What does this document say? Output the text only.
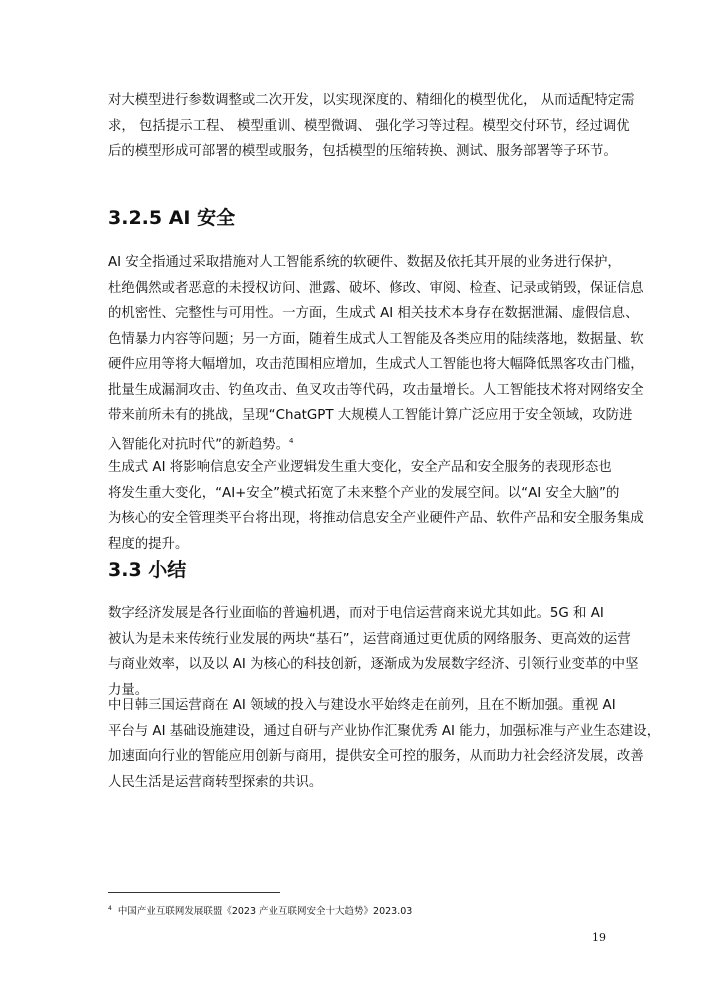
对大模型进行参数调整或二次开发，以实现深度的、精细化的模型优化， 从而适配特定需
求， 包括提示工程、 模型重训、模型微调、 强化学习等过程。模型交付环节，经过调优
后的模型形成可部署的模型或服务，包括模型的压缩转换、测试、服务部署等子环节。
3.2.5 AI 安全
AI 安全指通过采取措施对人工智能系统的软硬件、数据及依托其开展的业务进行保护，
杜绝偶然或者恶意的未授权访问、泄露、破坏、修改、审阅、检查、记录或销毁，保证信息
的机密性、完整性与可用性。一方面，生成式 AI 相关技术本身存在数据泄漏、虚假信息、
色情暴力内容等问题；另一方面，随着生成式人工智能及各类应用的陆续落地，数据量、软
硬件应用等将大幅增加，攻击范围相应增加，生成式人工智能也将大幅降低黑客攻击门槛，
批量生成漏洞攻击、钓鱼攻击、鱼叉攻击等代码，攻击量增长。人工智能技术将对网络安全
带来前所未有的挑战，呈现“ChatGPT 大规模人工智能计算广泛应用于安全领域，攻防进
入智能化对抗时代”的新趋势。$^4$
生成式 AI 将影响信息安全产业逻辑发生重大变化，安全产品和安全服务的表现形态也
将发生重大变化，“AI+安全”模式拓宽了未来整个产业的发展空间。以“AI 安全大脑”的
为核心的安全管理类平台将出现，将推动信息安全产业硬件产品、软件产品和安全服务集成
程度的提升。
3.3 小结
数字经济发展是各行业面临的普遍机遇，而对于电信运营商来说尤其如此。5G 和 AI
被认为是未来传统行业发展的两块“基石”，运营商通过更优质的网络服务、更高效的运营
与商业效率，以及以 AI 为核心的科技创新，逐渐成为发展数字经济、引领行业变革的中坚
力量。
中日韩三国运营商在 AI 领域的投入与建设水平始终走在前列，且在不断加强。重视 AI
平台与 AI 基础设施建设，通过自研与产业协作汇聚优秀 AI 能力，加强标准与产业生态建设，
加速面向行业的智能应用创新与商用，提供安全可控的服务，从而助力社会经济发展，改善
人民生活是运营商转型探索的共识。
$^4$ 中国产业互联网发展联盟《2023 产业互联网安全十大趋势》2023.03
19
